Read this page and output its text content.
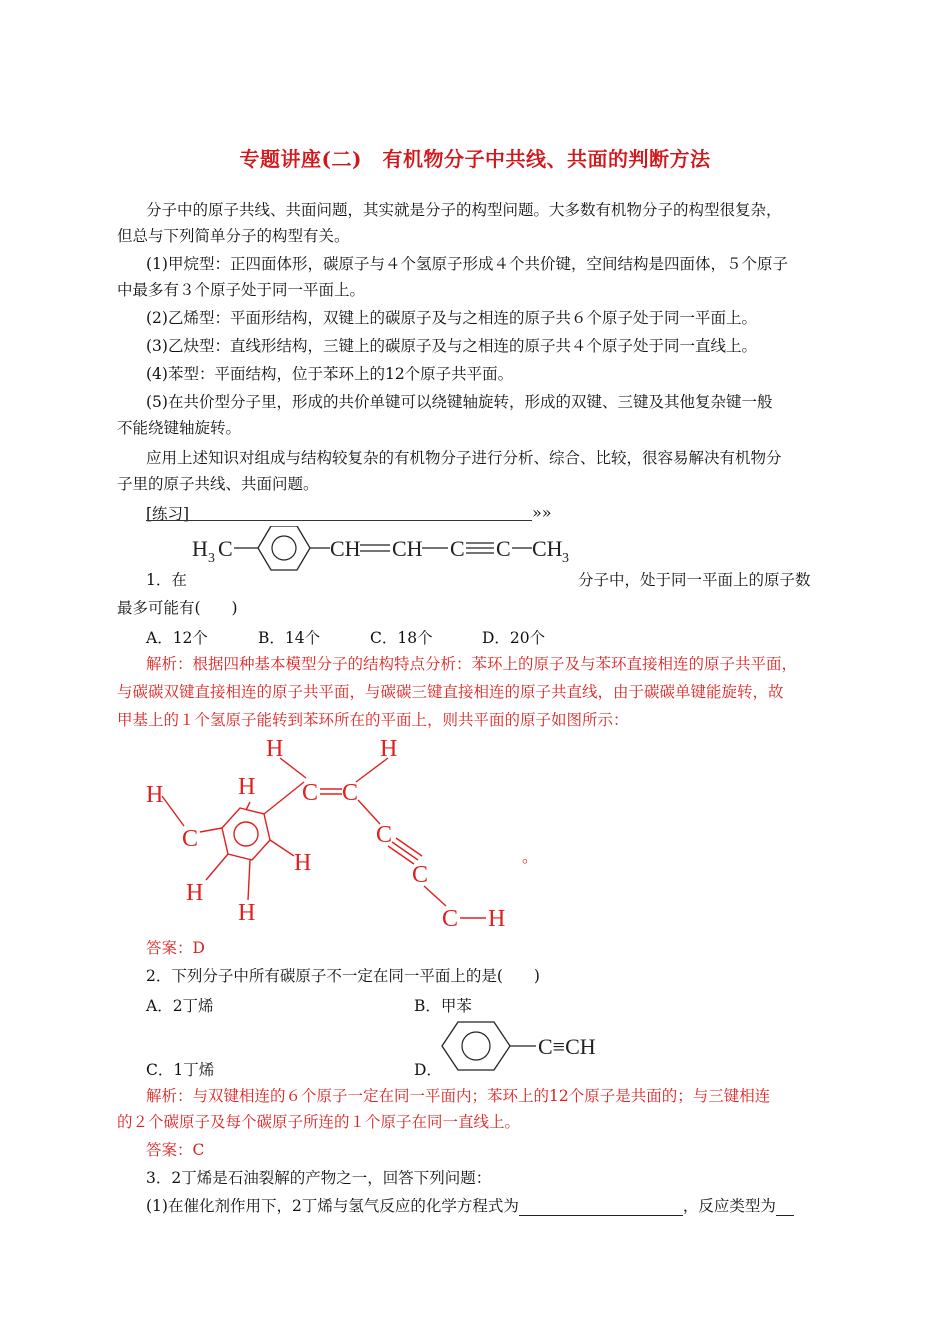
专题讲座(二)　有机物分子中共线、共面的判断方法
分子中的原子共线、共面问题，其实就是分子的构型问题。大多数有机物分子的构型很复杂，
但总与下列简单分子的构型有关。
(1)甲烷型：正四面体形，碳原子与４个氢原子形成４个共价键，空间结构是四面体，５个原子
中最多有３个原子处于同一平面上。
(2)乙烯型：平面形结构，双键上的碳原子及与之相连的原子共６个原子处于同一平面上。
(3)乙炔型：直线形结构，三键上的碳原子及与之相连的原子共４个原子处于同一直线上。
(4)苯型：平面结构，位于苯环上的12个原子共平面。
(5)在共价型分子里，形成的共价单键可以绕键轴旋转，形成的双键、三键及其他复杂键一般
不能绕键轴旋转。
应用上述知识对组成与结构较复杂的有机物分子进行分析、综合、比较，很容易解决有机物分
子里的原子共线、共面问题。
[练习]	»»
H 3 C	CH CH C C CH 3
1．在	分子中，处于同一平面上的原子数
最多可能有(　　)
A．12个	B．14个	C．18个	D．20个
解析：根据四种基本模型分子的结构特点分析：苯环上的原子及与苯环直接相连的原子共平面，
与碳碳双键直接相连的原子共平面，与碳碳三键直接相连的原子共直线，由于碳碳单键能旋转，故
甲基上的１个氢原子能转到苯环所在的平面上，则共平面的原子如图所示：
H	H
H	H C C
C	C
H	C
H
H	C H
。
答案：D
2．下列分子中所有碳原子不一定在同一平面上的是(　　)
A．2丁烯	B．甲苯
C．1丁烯	D．
C≡CH
解析：与双键相连的６个原子一定在同一平面内；苯环上的12个原子是共面的；与三键相连
的２个碳原子及每个碳原子所连的１个原子在同一直线上。
答案：C
3．2丁烯是石油裂解的产物之一，回答下列问题：
(1)在催化剂作用下，2丁烯与氢气反应的化学方程式为	，反应类型为
